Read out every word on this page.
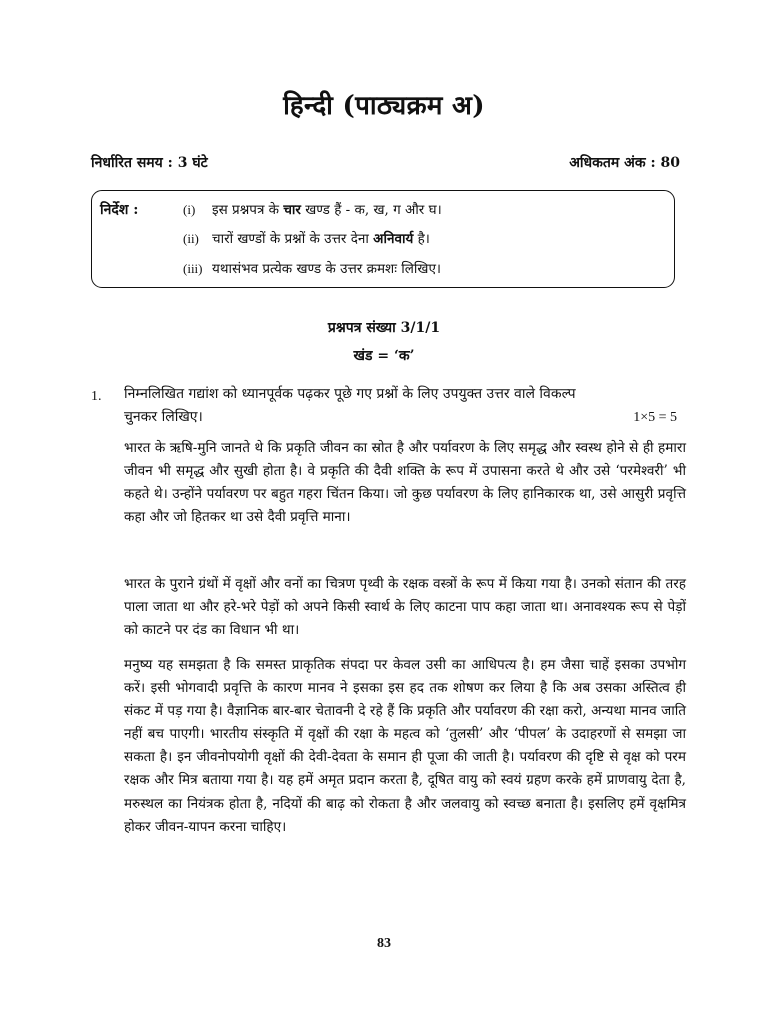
हिन्दी (पाठ्यक्रम अ)
निर्धारित समय : 3 घंटे	अधिकतम अंक : 80
निर्देश :	(i) इस प्रश्नपत्र के चार खण्ड हैं - क, ख, ग और घ।
(ii) चारों खण्डों के प्रश्नों के उत्तर देना अनिवार्य है।
(iii) यथासंभव प्रत्येक खण्ड के उत्तर क्रमशः लिखिए।
प्रश्नपत्र संख्या 3/1/1
खंड = ‘क’
1. निम्नलिखित गद्यांश को ध्यानपूर्वक पढ़कर पूछे गए प्रश्नों के लिए उपयुक्त उत्तर वाले विकल्प चुनकर लिखिए।	1×5 = 5

भारत के ऋषि-मुनि जानते थे कि प्रकृति जीवन का स्रोत है और पर्यावरण के लिए समृद्ध और स्वस्थ होने से ही हमारा जीवन भी समृद्ध और सुखी होता है। वे प्रकृति की दैवी शक्ति के रूप में उपासना करते थे और उसे ‘परमेश्वरी’ भी कहते थे। उन्होंने पर्यावरण पर बहुत गहरा चिंतन किया। जो कुछ पर्यावरण के लिए हानिकारक था, उसे आसुरी प्रवृत्ति कहा और जो हितकर था उसे दैवी प्रवृत्ति माना।

भारत के पुराने ग्रंथों में वृक्षों और वनों का चित्रण पृथ्वी के रक्षक वस्त्रों के रूप में किया गया है। उनको संतान की तरह पाला जाता था और हरे-भरे पेड़ों को अपने किसी स्वार्थ के लिए काटना पाप कहा जाता था। अनावश्यक रूप से पेड़ों को काटने पर दंड का विधान भी था।

मनुष्य यह समझता है कि समस्त प्राकृतिक संपदा पर केवल उसी का आधिपत्य है। हम जैसा चाहें इसका उपभोग करें। इसी भोगवादी प्रवृत्ति के कारण मानव ने इसका इस हद तक शोषण कर लिया है कि अब उसका अस्तित्व ही संकट में पड़ गया है। वैज्ञानिक बार-बार चेतावनी दे रहे हैं कि प्रकृति और पर्यावरण की रक्षा करो, अन्यथा मानव जाति नहीं बच पाएगी। भारतीय संस्कृति में वृक्षों की रक्षा के महत्व को ‘तुलसी’ और ‘पीपल’ के उदाहरणों से समझा जा सकता है। इन जीवनोपयोगी वृक्षों की देवी-देवता के समान ही पूजा की जाती है। पर्यावरण की दृष्टि से वृक्ष को परम रक्षक और मित्र बताया गया है। यह हमें अमृत प्रदान करता है, दूषित वायु को स्वयं ग्रहण करके हमें प्राणवायु देता है, मरुस्थल का नियंत्रक होता है, नदियों की बाढ़ को रोकता है और जलवायु को स्वच्छ बनाता है। इसलिए हमें वृक्षमित्र होकर जीवन-यापन करना चाहिए।

83
